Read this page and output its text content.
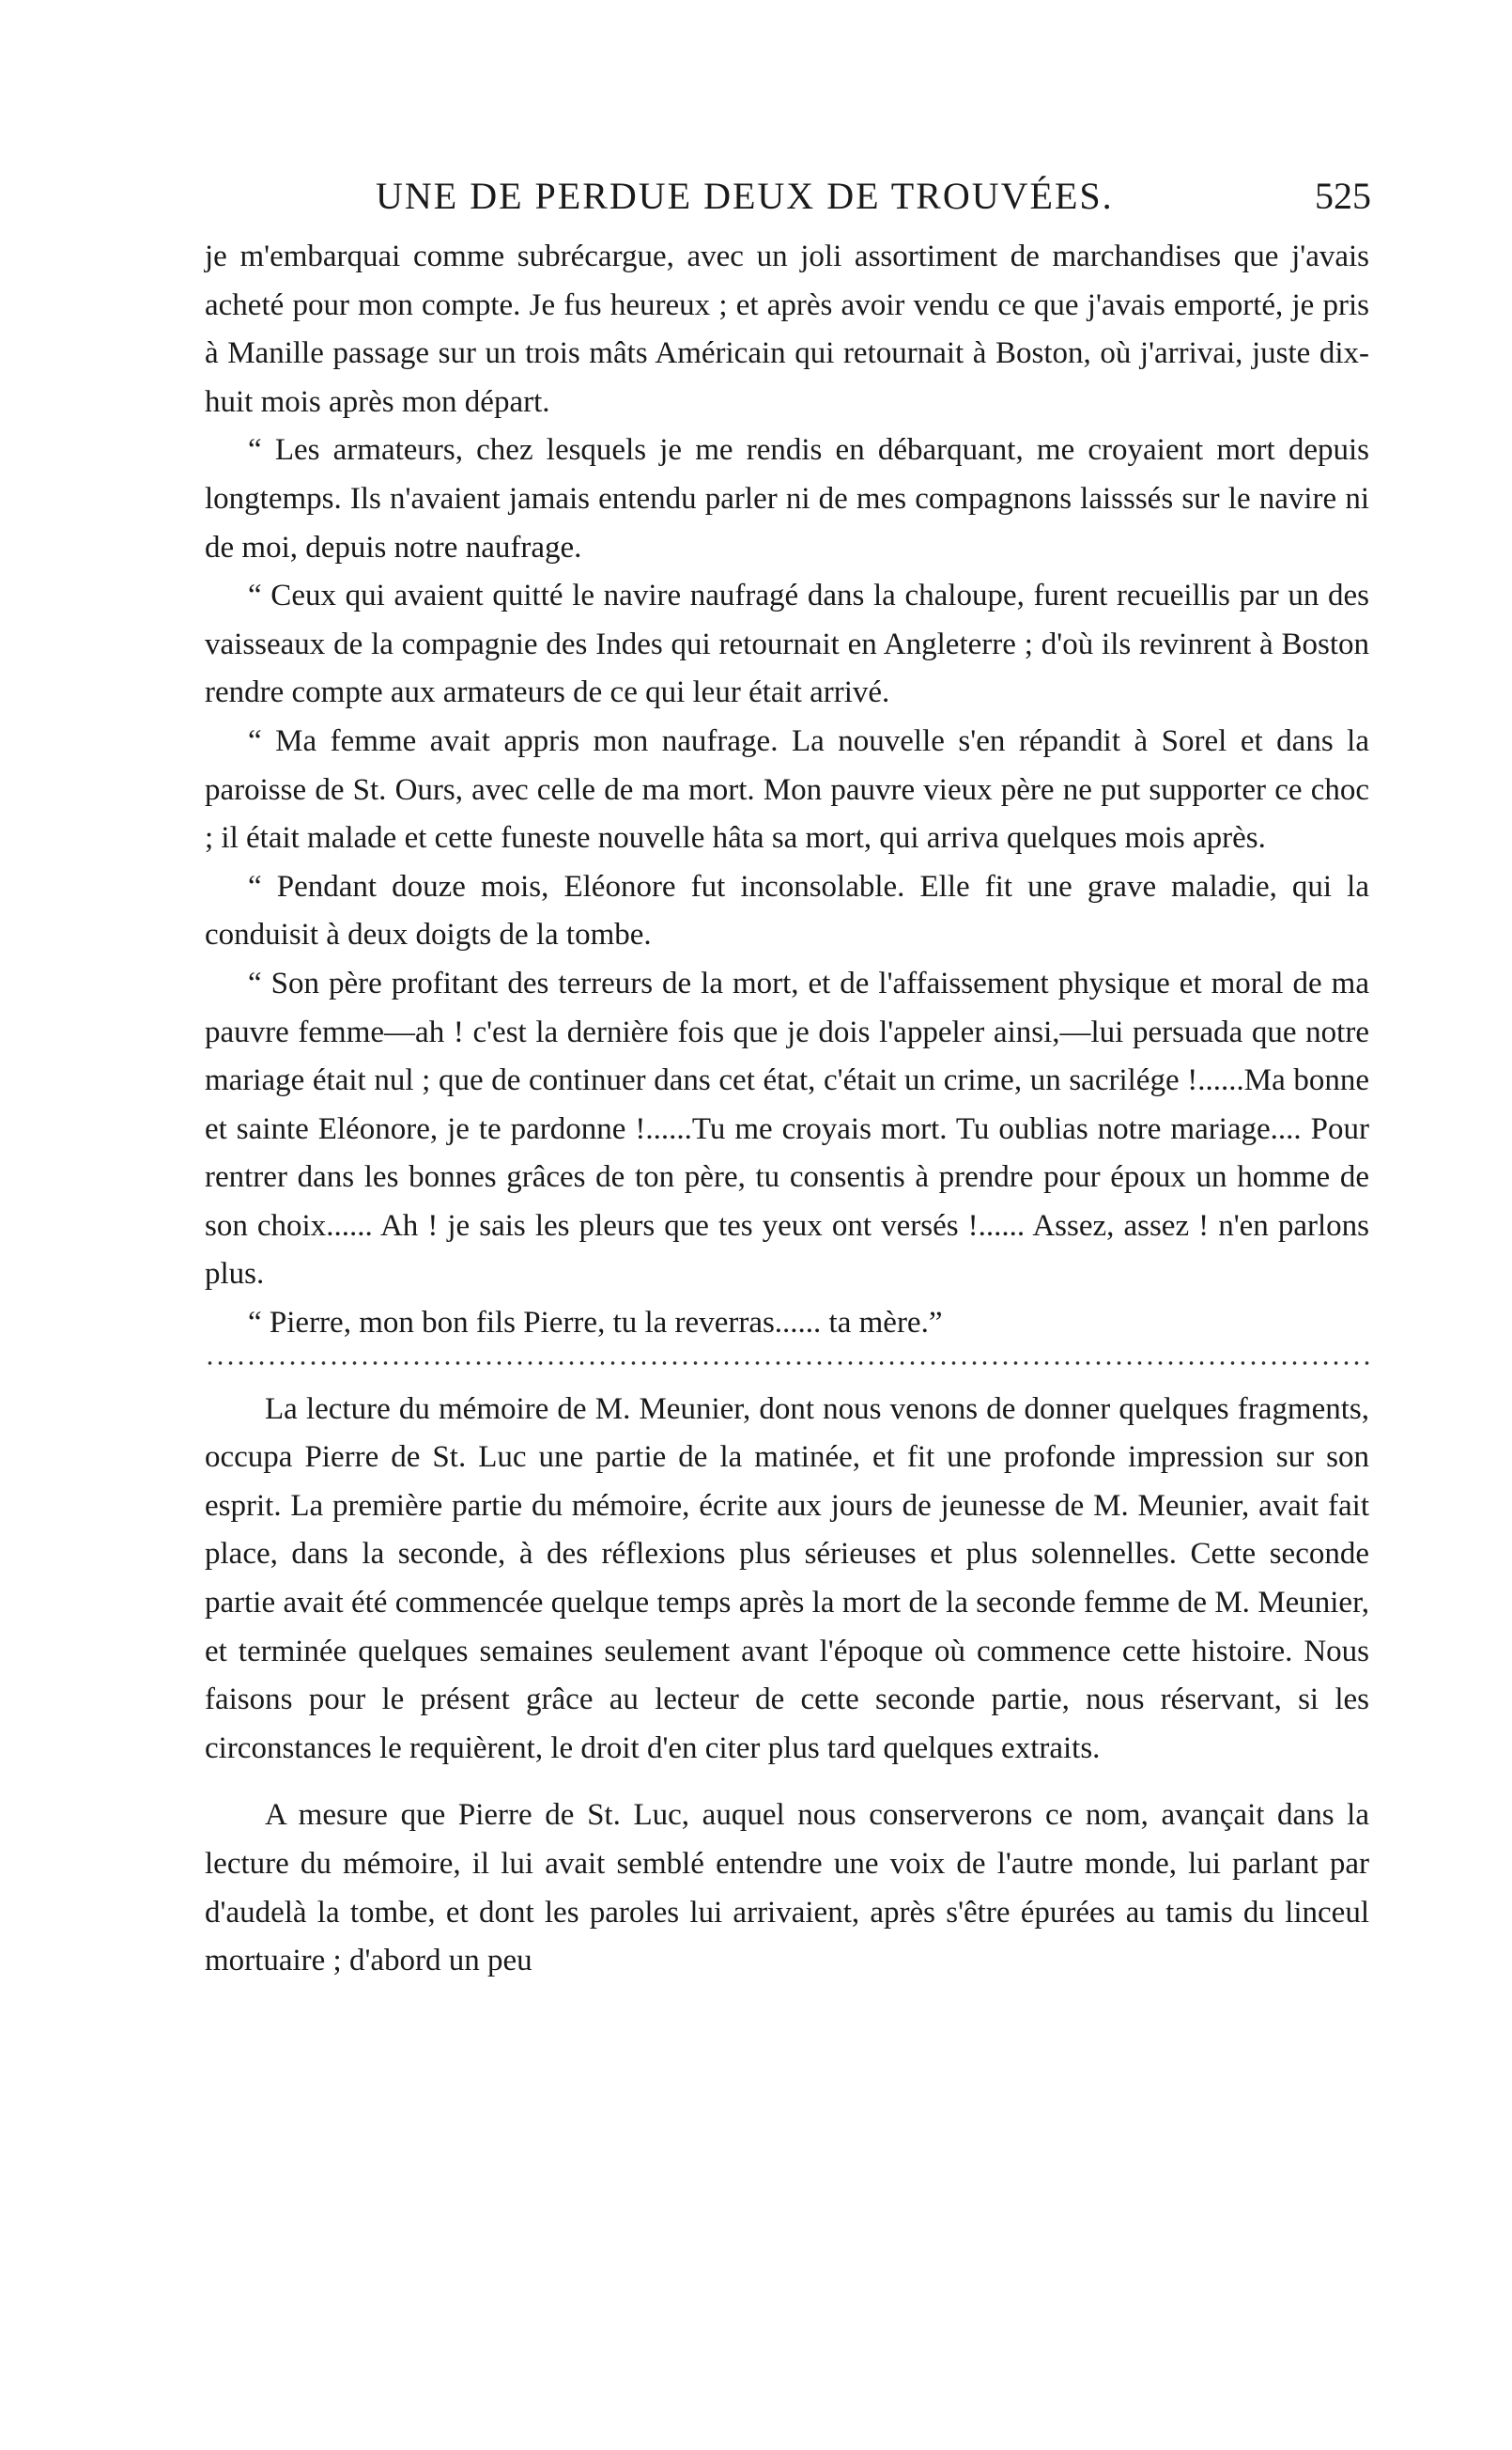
UNE DE PERDUE DEUX DE TROUVÉES.	525

je m'embarquai comme subrécargue, avec un joli assortiment de marchandises que j'avais acheté pour mon compte. Je fus heureux ; et après avoir vendu ce que j'avais emporté, je pris à Manille passage sur un trois mâts Américain qui retournait à Boston, où j'arrivai, juste dix-huit mois après mon départ.

“ Les armateurs, chez lesquels je me rendis en débarquant, me croyaient mort depuis longtemps. Ils n'avaient jamais entendu parler ni de mes compagnons laisssés sur le navire ni de moi, depuis notre naufrage.

“ Ceux qui avaient quitté le navire naufragé dans la chaloupe, furent recueillis par un des vaisseaux de la compagnie des Indes qui retournait en Angleterre ; d'où ils revinrent à Boston rendre compte aux armateurs de ce qui leur était arrivé.

“ Ma femme avait appris mon naufrage. La nouvelle s'en répandit à Sorel et dans la paroisse de St. Ours, avec celle de ma mort. Mon pauvre vieux père ne put supporter ce choc ; il était malade et cette funeste nouvelle hâta sa mort, qui arriva quelques mois après.

“ Pendant douze mois, Eléonore fut inconsolable. Elle fit une grave maladie, qui la conduisit à deux doigts de la tombe.

“ Son père profitant des terreurs de la mort, et de l'affaissement physique et moral de ma pauvre femme—ah ! c'est la dernière fois que je dois l'appeler ainsi,—lui persuada que notre mariage était nul ; que de continuer dans cet état, c'était un crime, un sacrilége !......Ma bonne et sainte Eléonore, je te pardonne !......Tu me croyais mort. Tu oublias notre mariage.... Pour rentrer dans les bonnes grâces de ton père, tu consentis à prendre pour époux un homme de son choix...... Ah ! je sais les pleurs que tes yeux ont versés !...... Assez, assez ! n'en parlons plus.

“ Pierre, mon bon fils Pierre, tu la reverras...... ta mère.”

La lecture du mémoire de M. Meunier, dont nous venons de donner quelques fragments, occupa Pierre de St. Luc une partie de la matinée, et fit une profonde impression sur son esprit. La première partie du mémoire, écrite aux jours de jeunesse de M. Meunier, avait fait place, dans la seconde, à des réflexions plus sérieuses et plus solennelles. Cette seconde partie avait été commencée quelque temps après la mort de la seconde femme de M. Meunier, et terminée quelques semaines seulement avant l'époque où commence cette histoire. Nous faisons pour le présent grâce au lecteur de cette seconde partie, nous réservant, si les circonstances le requièrent, le droit d'en citer plus tard quelques extraits.

A mesure que Pierre de St. Luc, auquel nous conserverons ce nom, avançait dans la lecture du mémoire, il lui avait semblé entendre une voix de l'autre monde, lui parlant par d'audelà la tombe, et dont les paroles lui arrivaient, après s'être épurées au tamis du linceul mortuaire ; d'abord un peu
